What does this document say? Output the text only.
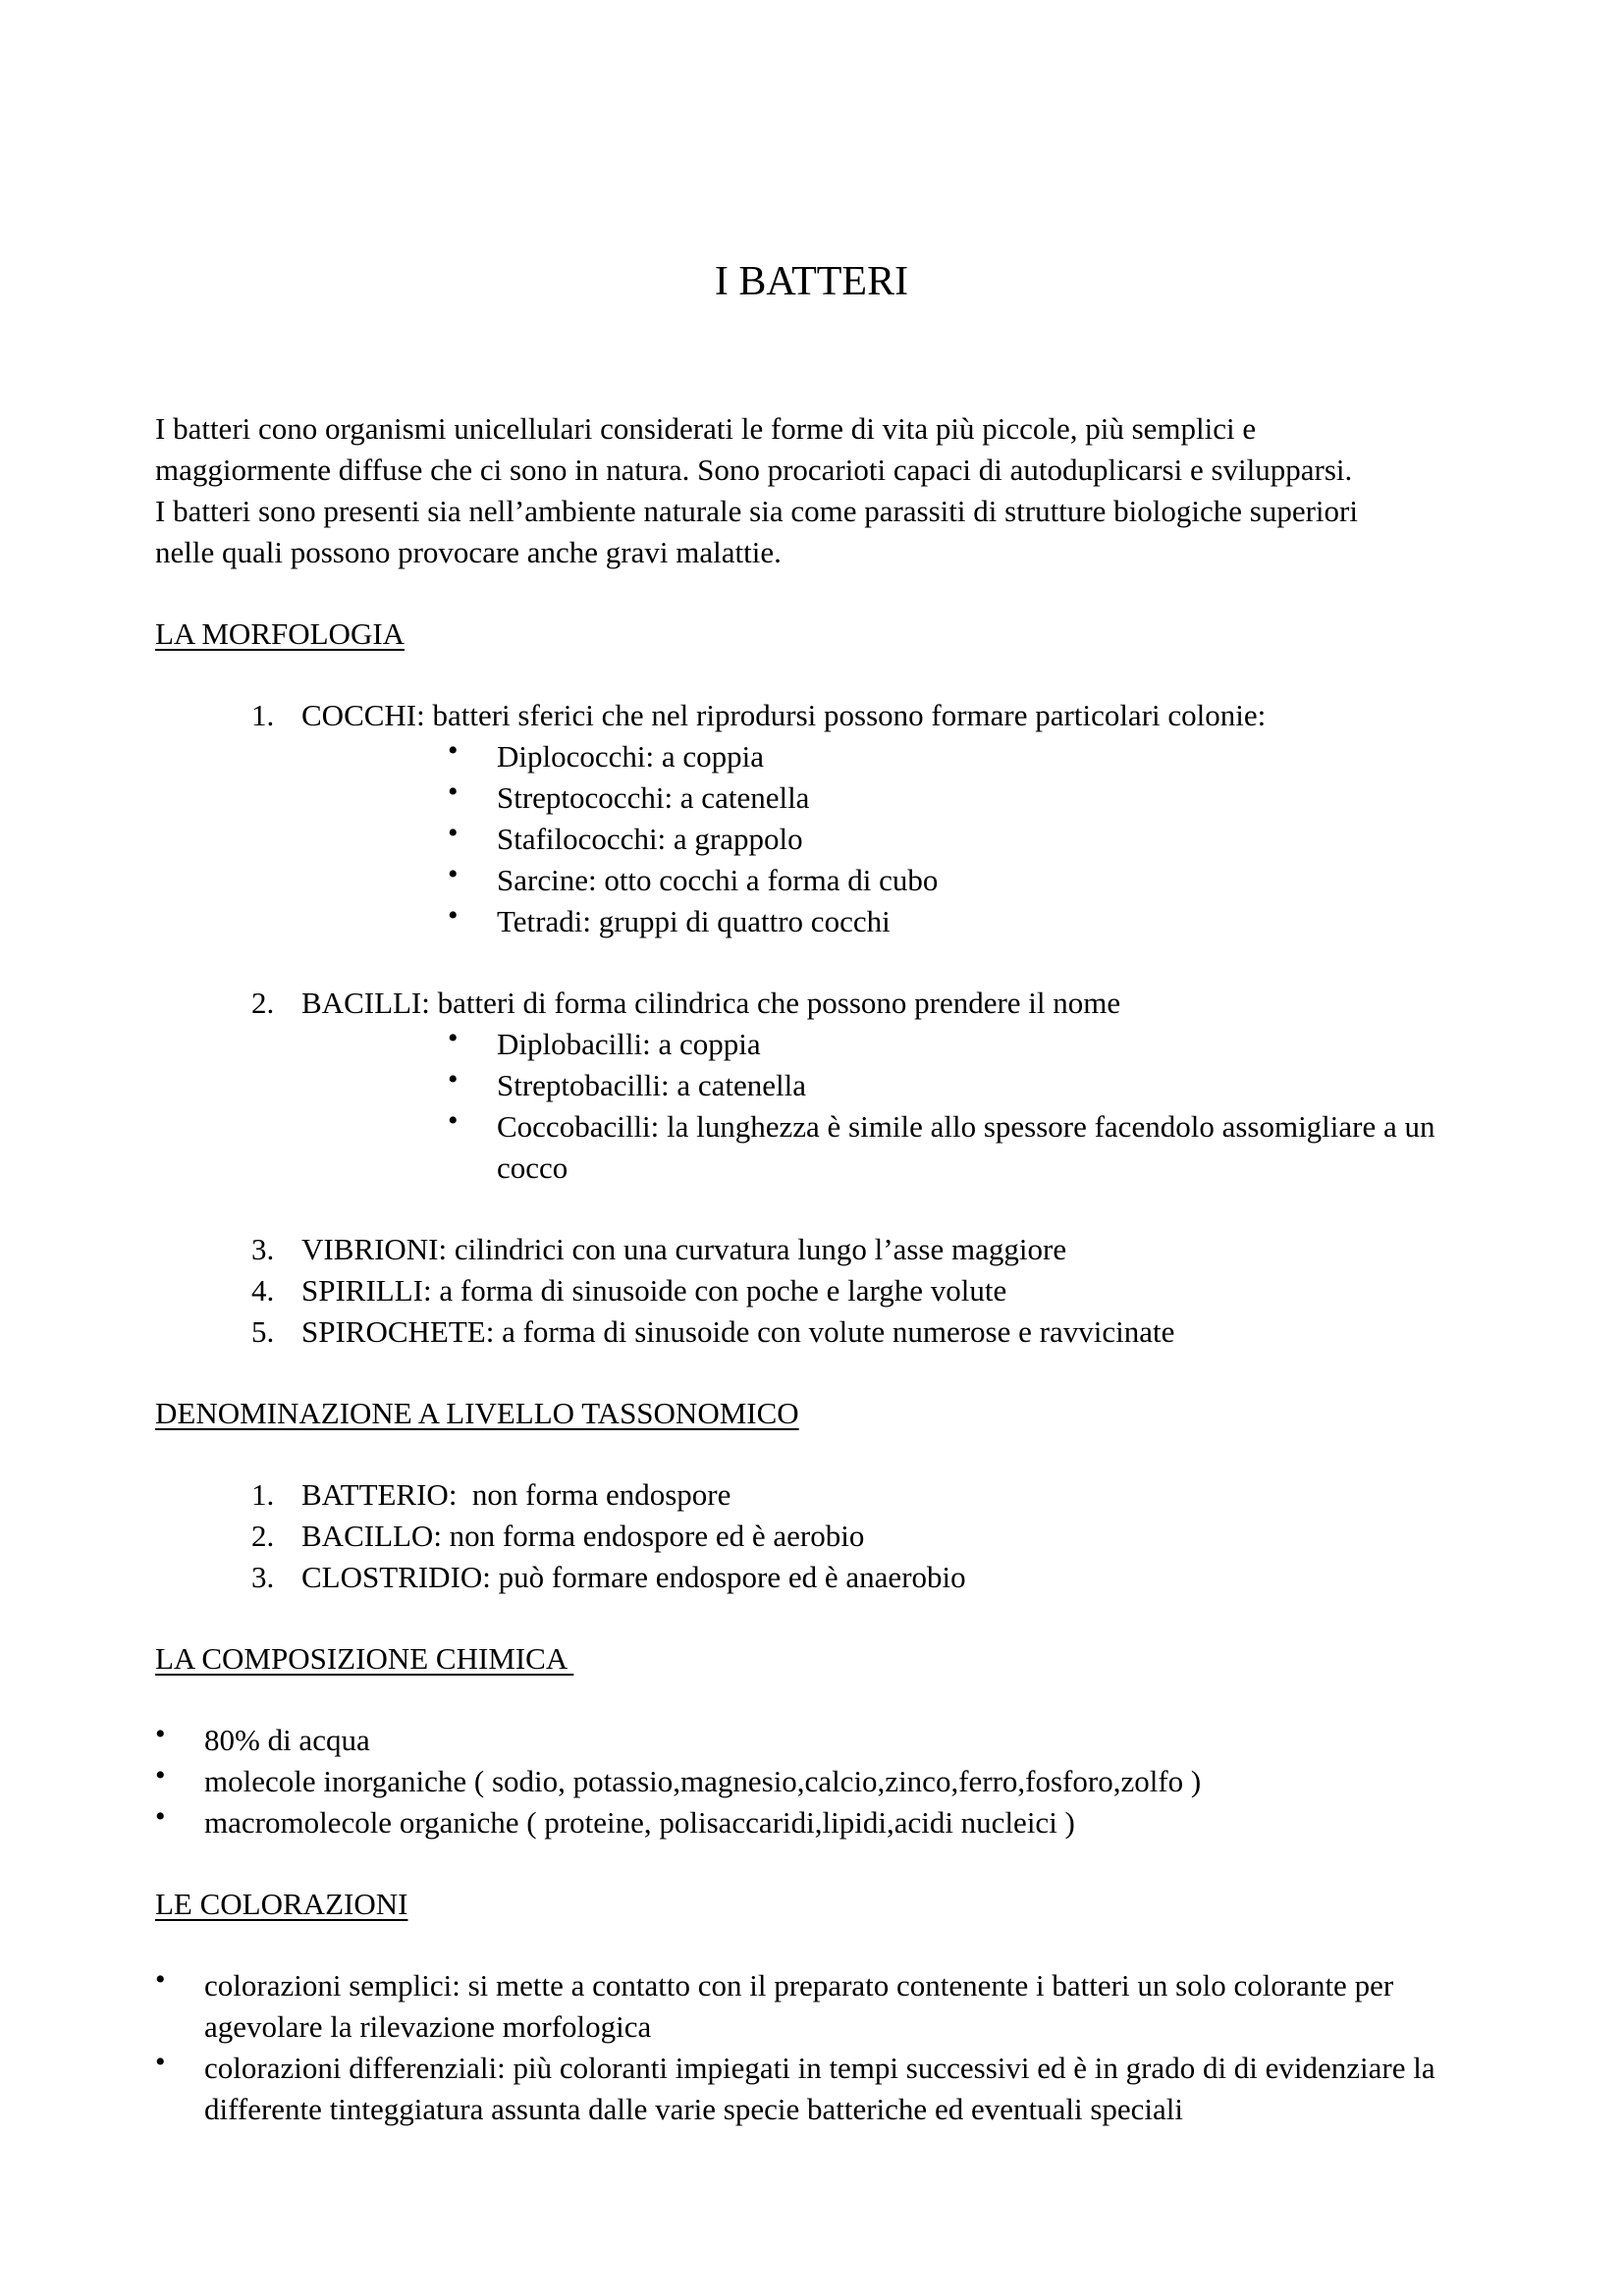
I BATTERI

I batteri cono organismi unicellulari considerati le forme di vita più piccole, più semplici e

maggiormente diffuse che ci sono in natura. Sono procarioti capaci di autoduplicarsi e svilupparsi.

I batteri sono presenti sia nell’ambiente naturale sia come parassiti di strutture biologiche superiori

nelle quali possono provocare anche gravi malattie.

LA MORFOLOGIA

1. COCCHI: batteri sferici che nel riprodursi possono formare particolari colonie:
• Diplococchi: a coppia
• Streptococchi: a catenella
• Stafilococchi: a grappolo
• Sarcine: otto cocchi a forma di cubo
• Tetradi: gruppi di quattro cocchi
2. BACILLI: batteri di forma cilindrica che possono prendere il nome
• Diplobacilli: a coppia
• Streptobacilli: a catenella
• Coccobacilli: la lunghezza è simile allo spessore facendolo assomigliare a un cocco
3. VIBRIONI: cilindrici con una curvatura lungo l’asse maggiore
4. SPIRILLI: a forma di sinusoide con poche e larghe volute
5. SPIROCHETE: a forma di sinusoide con volute numerose e ravvicinate

DENOMINAZIONE A LIVELLO TASSONOMICO

1. BATTERIO:  non forma endospore
2. BACILLO: non forma endospore ed è aerobio
3. CLOSTRIDIO: può formare endospore ed è anaerobio

LA COMPOSIZIONE CHIMICA

• 80% di acqua
• molecole inorganiche ( sodio, potassio,magnesio,calcio,zinco,ferro,fosforo,zolfo )
• macromolecole organiche ( proteine, polisaccaridi,lipidi,acidi nucleici )

LE COLORAZIONI

• colorazioni semplici: si mette a contatto con il preparato contenente i batteri un solo colorante per agevolare la rilevazione morfologica
• colorazioni differenziali: più coloranti impiegati in tempi successivi ed è in grado di di evidenziare la differente tinteggiatura assunta dalle varie specie batteriche ed eventuali speciali
